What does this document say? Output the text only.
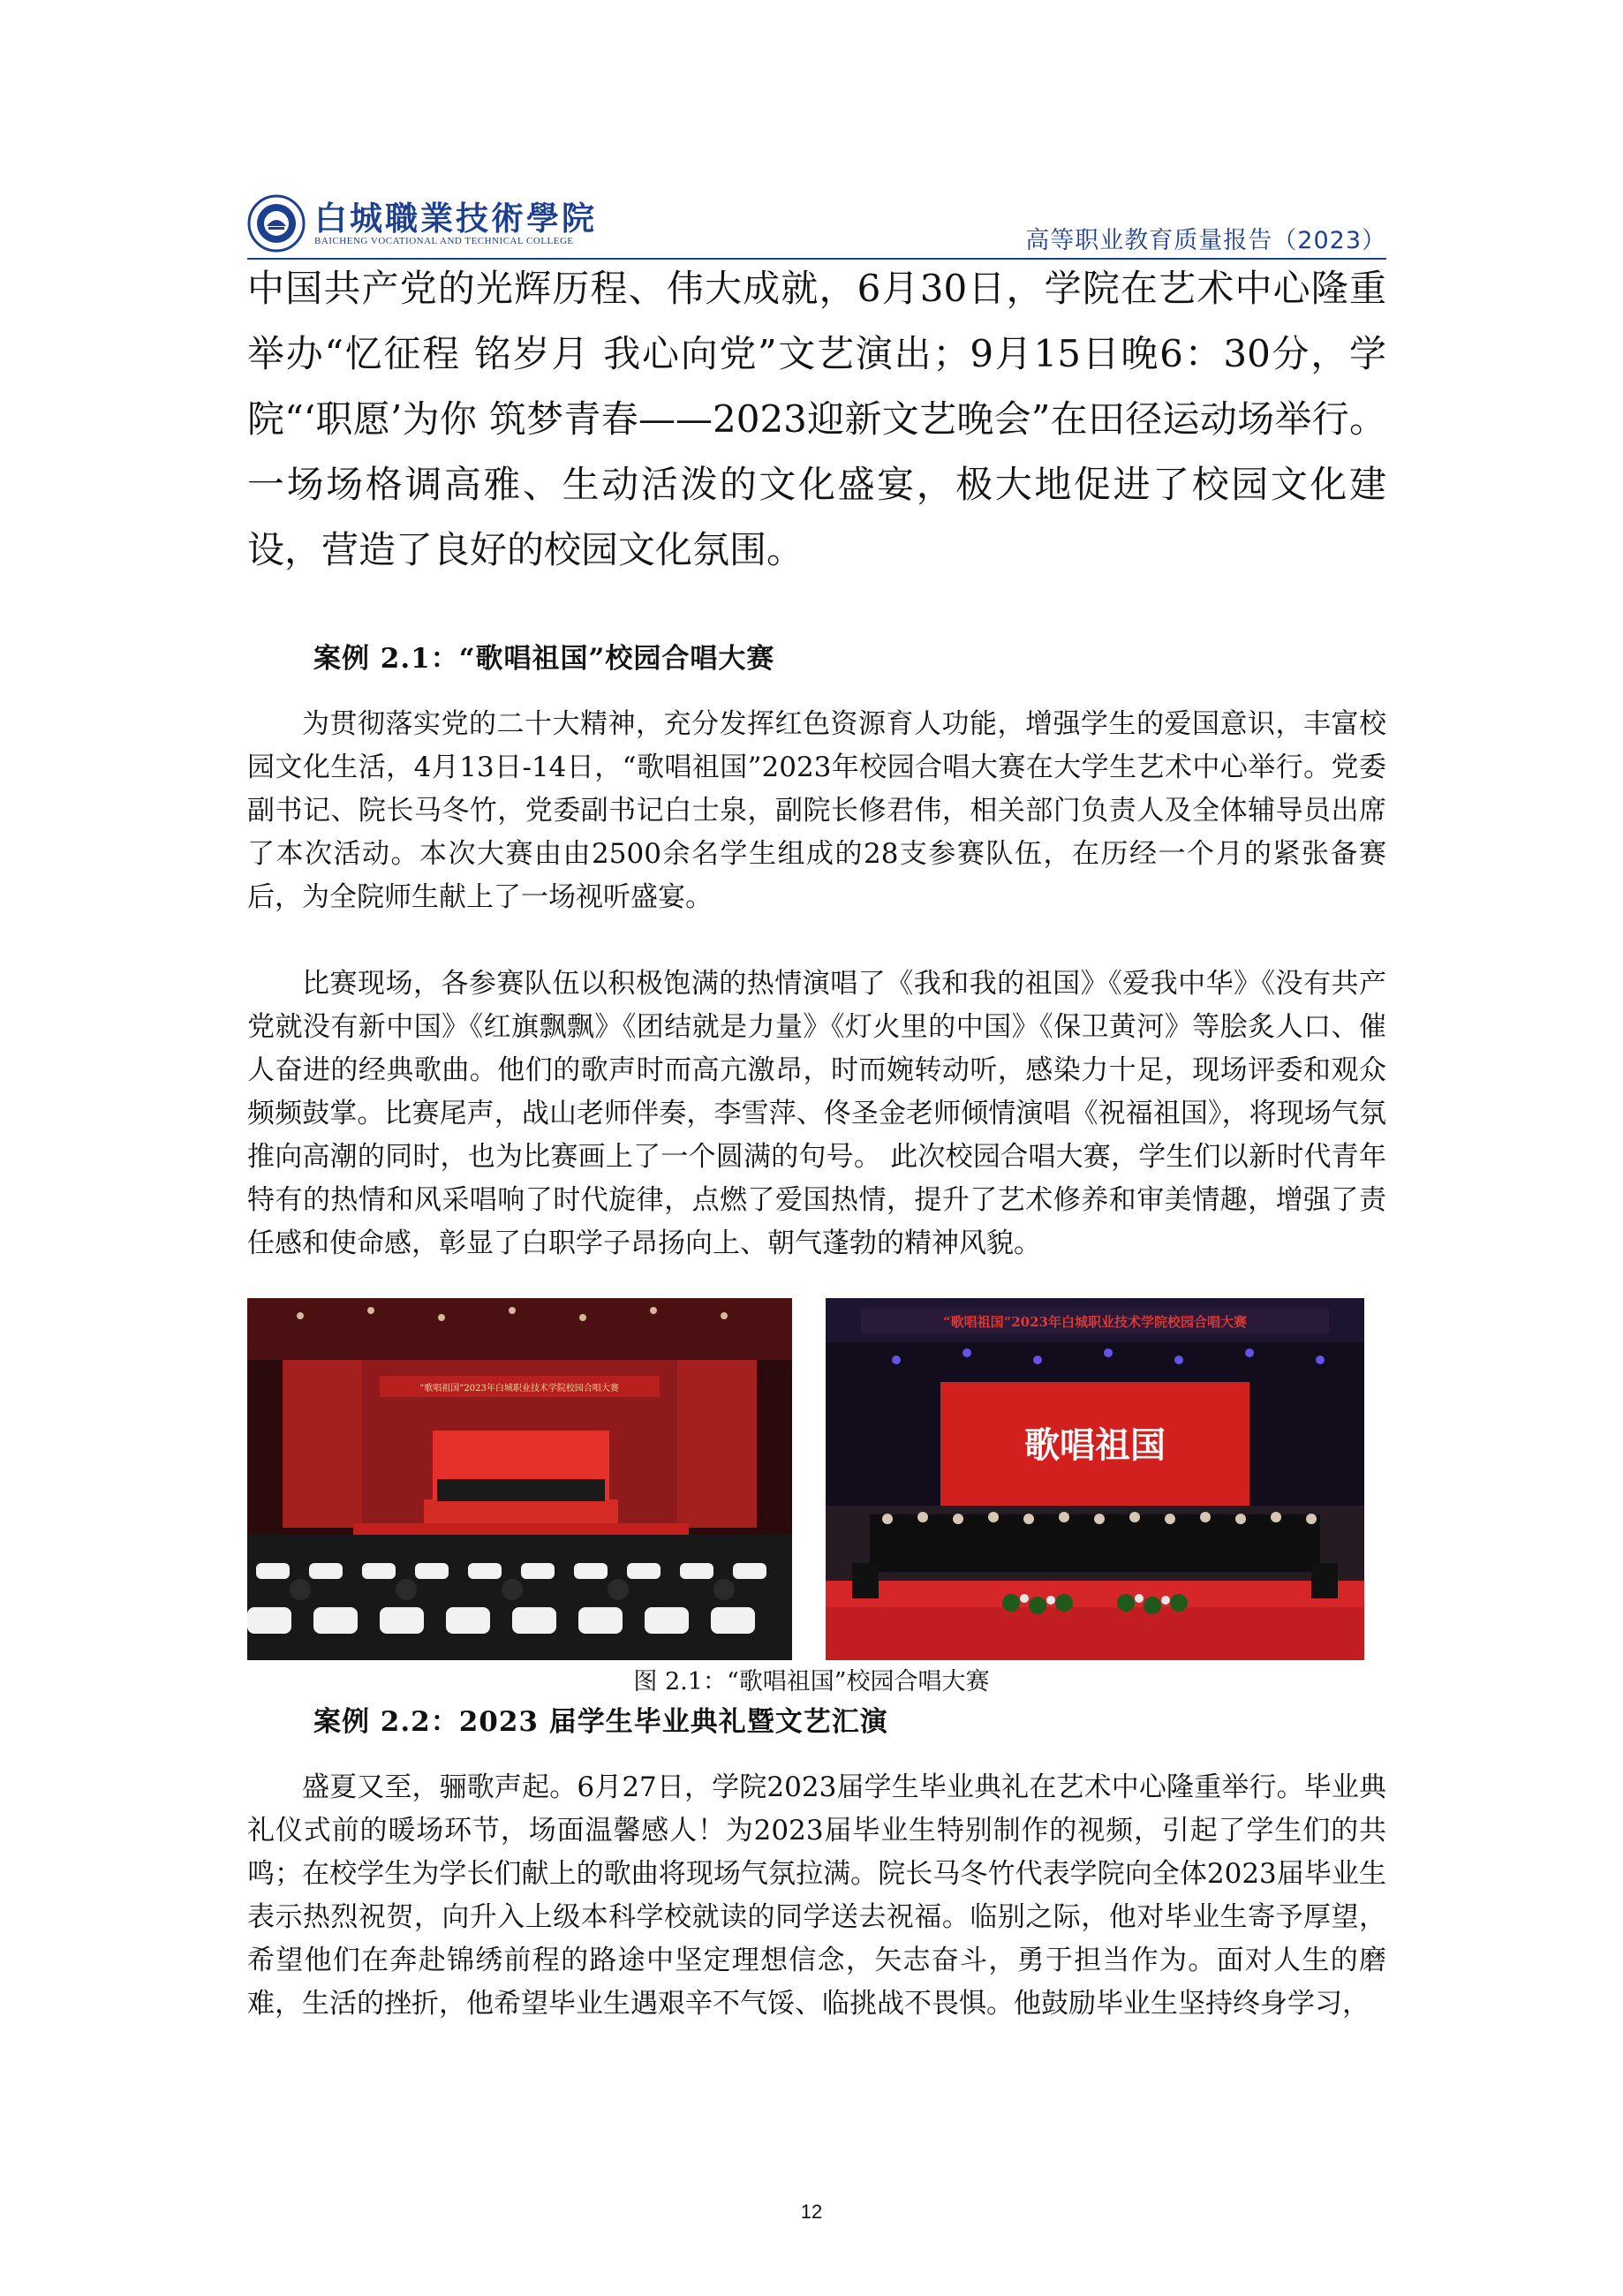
白城職業技術學院
BAICHENG VOCATIONAL AND TECHNICAL COLLEGE	高等职业教育质量报告（2023）

中国共产党的光辉历程、伟大成就，6月30日，学院在艺术中心隆重举办“忆征程 铭岁月 我心向党”文艺演出；9月15日晚6：30分，学院“‘职愿’为你 筑梦青春——2023迎新文艺晚会”在田径运动场举行。一场场格调高雅、生动活泼的文化盛宴，极大地促进了校园文化建设，营造了良好的校园文化氛围。

案例 2.1：“歌唱祖国”校园合唱大赛

为贯彻落实党的二十大精神，充分发挥红色资源育人功能，增强学生的爱国意识，丰富校园文化生活，4月13日-14日，“歌唱祖国”2023年校园合唱大赛在大学生艺术中心举行。党委副书记、院长马冬竹，党委副书记白士泉，副院长修君伟，相关部门负责人及全体辅导员出席了本次活动。本次大赛由由2500余名学生组成的28支参赛队伍，在历经一个月的紧张备赛后，为全院师生献上了一场视听盛宴。

比赛现场，各参赛队伍以积极饱满的热情演唱了《我和我的祖国》《爱我中华》《没有共产党就没有新中国》《红旗飘飘》《团结就是力量》《灯火里的中国》《保卫黄河》等脍炙人口、催人奋进的经典歌曲。他们的歌声时而高亢激昂，时而婉转动听，感染力十足，现场评委和观众频频鼓掌。比赛尾声，战山老师伴奏，李雪萍、佟圣金老师倾情演唱《祝福祖国》，将现场气氛推向高潮的同时，也为比赛画上了一个圆满的句号。 此次校园合唱大赛，学生们以新时代青年特有的热情和风采唱响了时代旋律，点燃了爱国热情，提升了艺术修养和审美情趣，增强了责任感和使命感，彰显了白职学子昂扬向上、朝气蓬勃的精神风貌。

“歌唱祖国”2023年白城职业技术学院校园合唱大赛
“歌唱祖国”2023年白城职业技术学院校园合唱大赛
歌唱祖国

图 2.1：“歌唱祖国”校园合唱大赛

案例 2.2：2023 届学生毕业典礼暨文艺汇演

盛夏又至，骊歌声起。6月27日，学院2023届学生毕业典礼在艺术中心隆重举行。毕业典礼仪式前的暖场环节，场面温馨感人！为2023届毕业生特别制作的视频，引起了学生们的共鸣；在校学生为学长们献上的歌曲将现场气氛拉满。院长马冬竹代表学院向全体2023届毕业生表示热烈祝贺，向升入上级本科学校就读的同学送去祝福。临别之际，他对毕业生寄予厚望，希望他们在奔赴锦绣前程的路途中坚定理想信念，矢志奋斗，勇于担当作为。面对人生的磨难，生活的挫折，他希望毕业生遇艰辛不气馁、临挑战不畏惧。他鼓励毕业生坚持终身学习，

12
